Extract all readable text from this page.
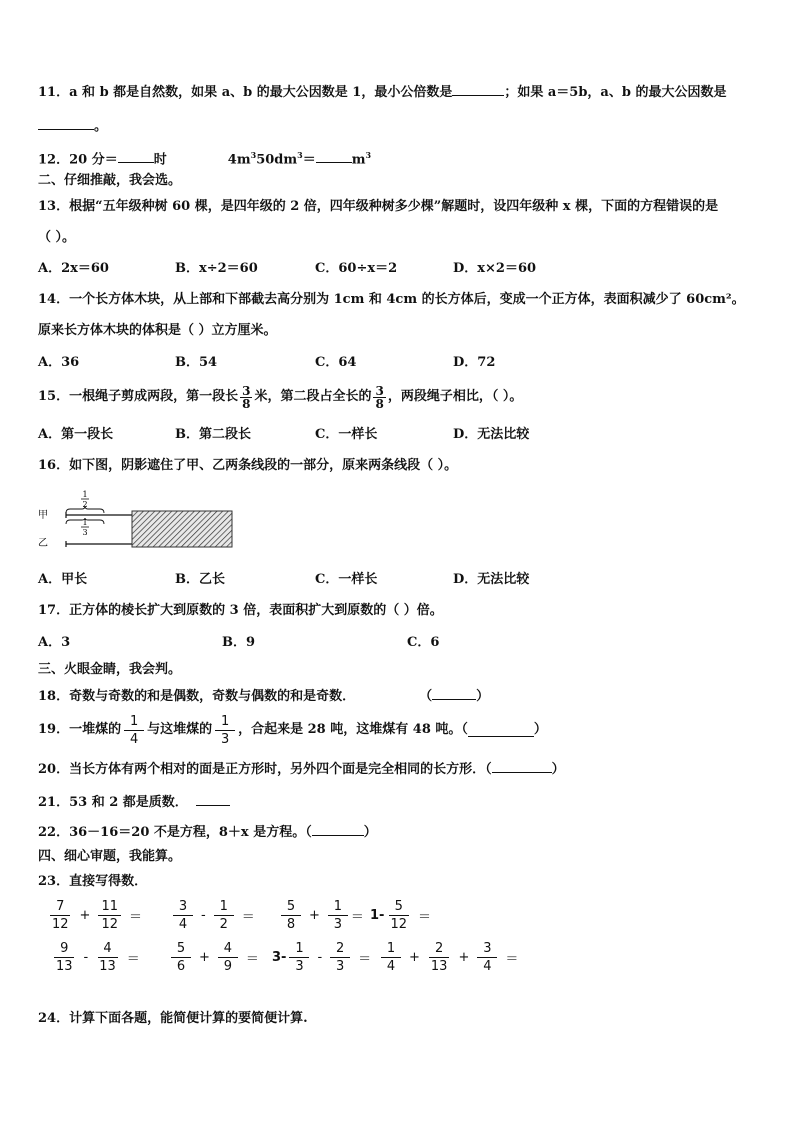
11．a 和 b 都是自然数，如果 a、b 的最大公因数是 1，最小公倍数是	；如果 a＝5b，a、b 的最大公因数是
。
12．20 分＝	时	$4m^350dm^3=$	$m^3$
二、仔细推敲，我会选。
13．根据“五年级种树 60 棵，是四年级的 2 倍，四年级种树多少棵”解题时，设四年级种 x 棵，下面的方程错误的是
（ ）。
A．2x＝60	B．x÷2＝60	C．60÷x＝2	D．x×2＝60
14．一个长方体木块，从上部和下部截去高分别为 1cm 和 4cm 的长方体后，变成一个正方体，表面积减少了 60cm²。
原来长方体木块的体积是（ ）立方厘米。
A．36	B．54	C．64	D．72
15．一根绳子剪成两段，第一段长 $\frac{3}{8}$ 米，第二段占全长的 $\frac{3}{8}$ ，两段绳子相比，（ ）。
A．第一段长	B．第二段长	C．一样长	D．无法比较
16．如下图，阴影遮住了甲、乙两条线段的一部分，原来两条线段（ ）。
甲
乙
1
2
1
3
A．甲长	B．乙长	C．一样长	D．无法比较
17．正方体的棱长扩大到原数的 3 倍，表面积扩大到原数的（ ）倍。
A．3	B．9	C．6
三、火眼金睛，我会判。
18．奇数与奇数的和是偶数，奇数与偶数的和是奇数．	（	）
19．一堆煤的
1
4
与这堆煤的
1
3
，合起来是 28 吨，这堆煤有 48 吨。（	）
20．当长方体有两个相对的面是正方形时，另外四个面是完全相同的长方形．（	）
21．53 和 2 都是质数．
22．36－16＝20 不是方程，8＋x 是方程。（	）
四、细心审题，我能算。
23．直接写得数．
7
12
+ $\frac{11}{12}$ ＝
3
4
-
1
2	＝
5
8
+ $\frac{1}{3} = 1-$
5
12 ＝
9
13
-
4
13 ＝
5
6
+ $\frac{4}{9} = 3-$
1
3
-
2
3	＝
1
4
+ $\frac{2}{13} + \frac{3}{4}$ ＝
24．计算下面各题，能简便计算的要简便计算.
